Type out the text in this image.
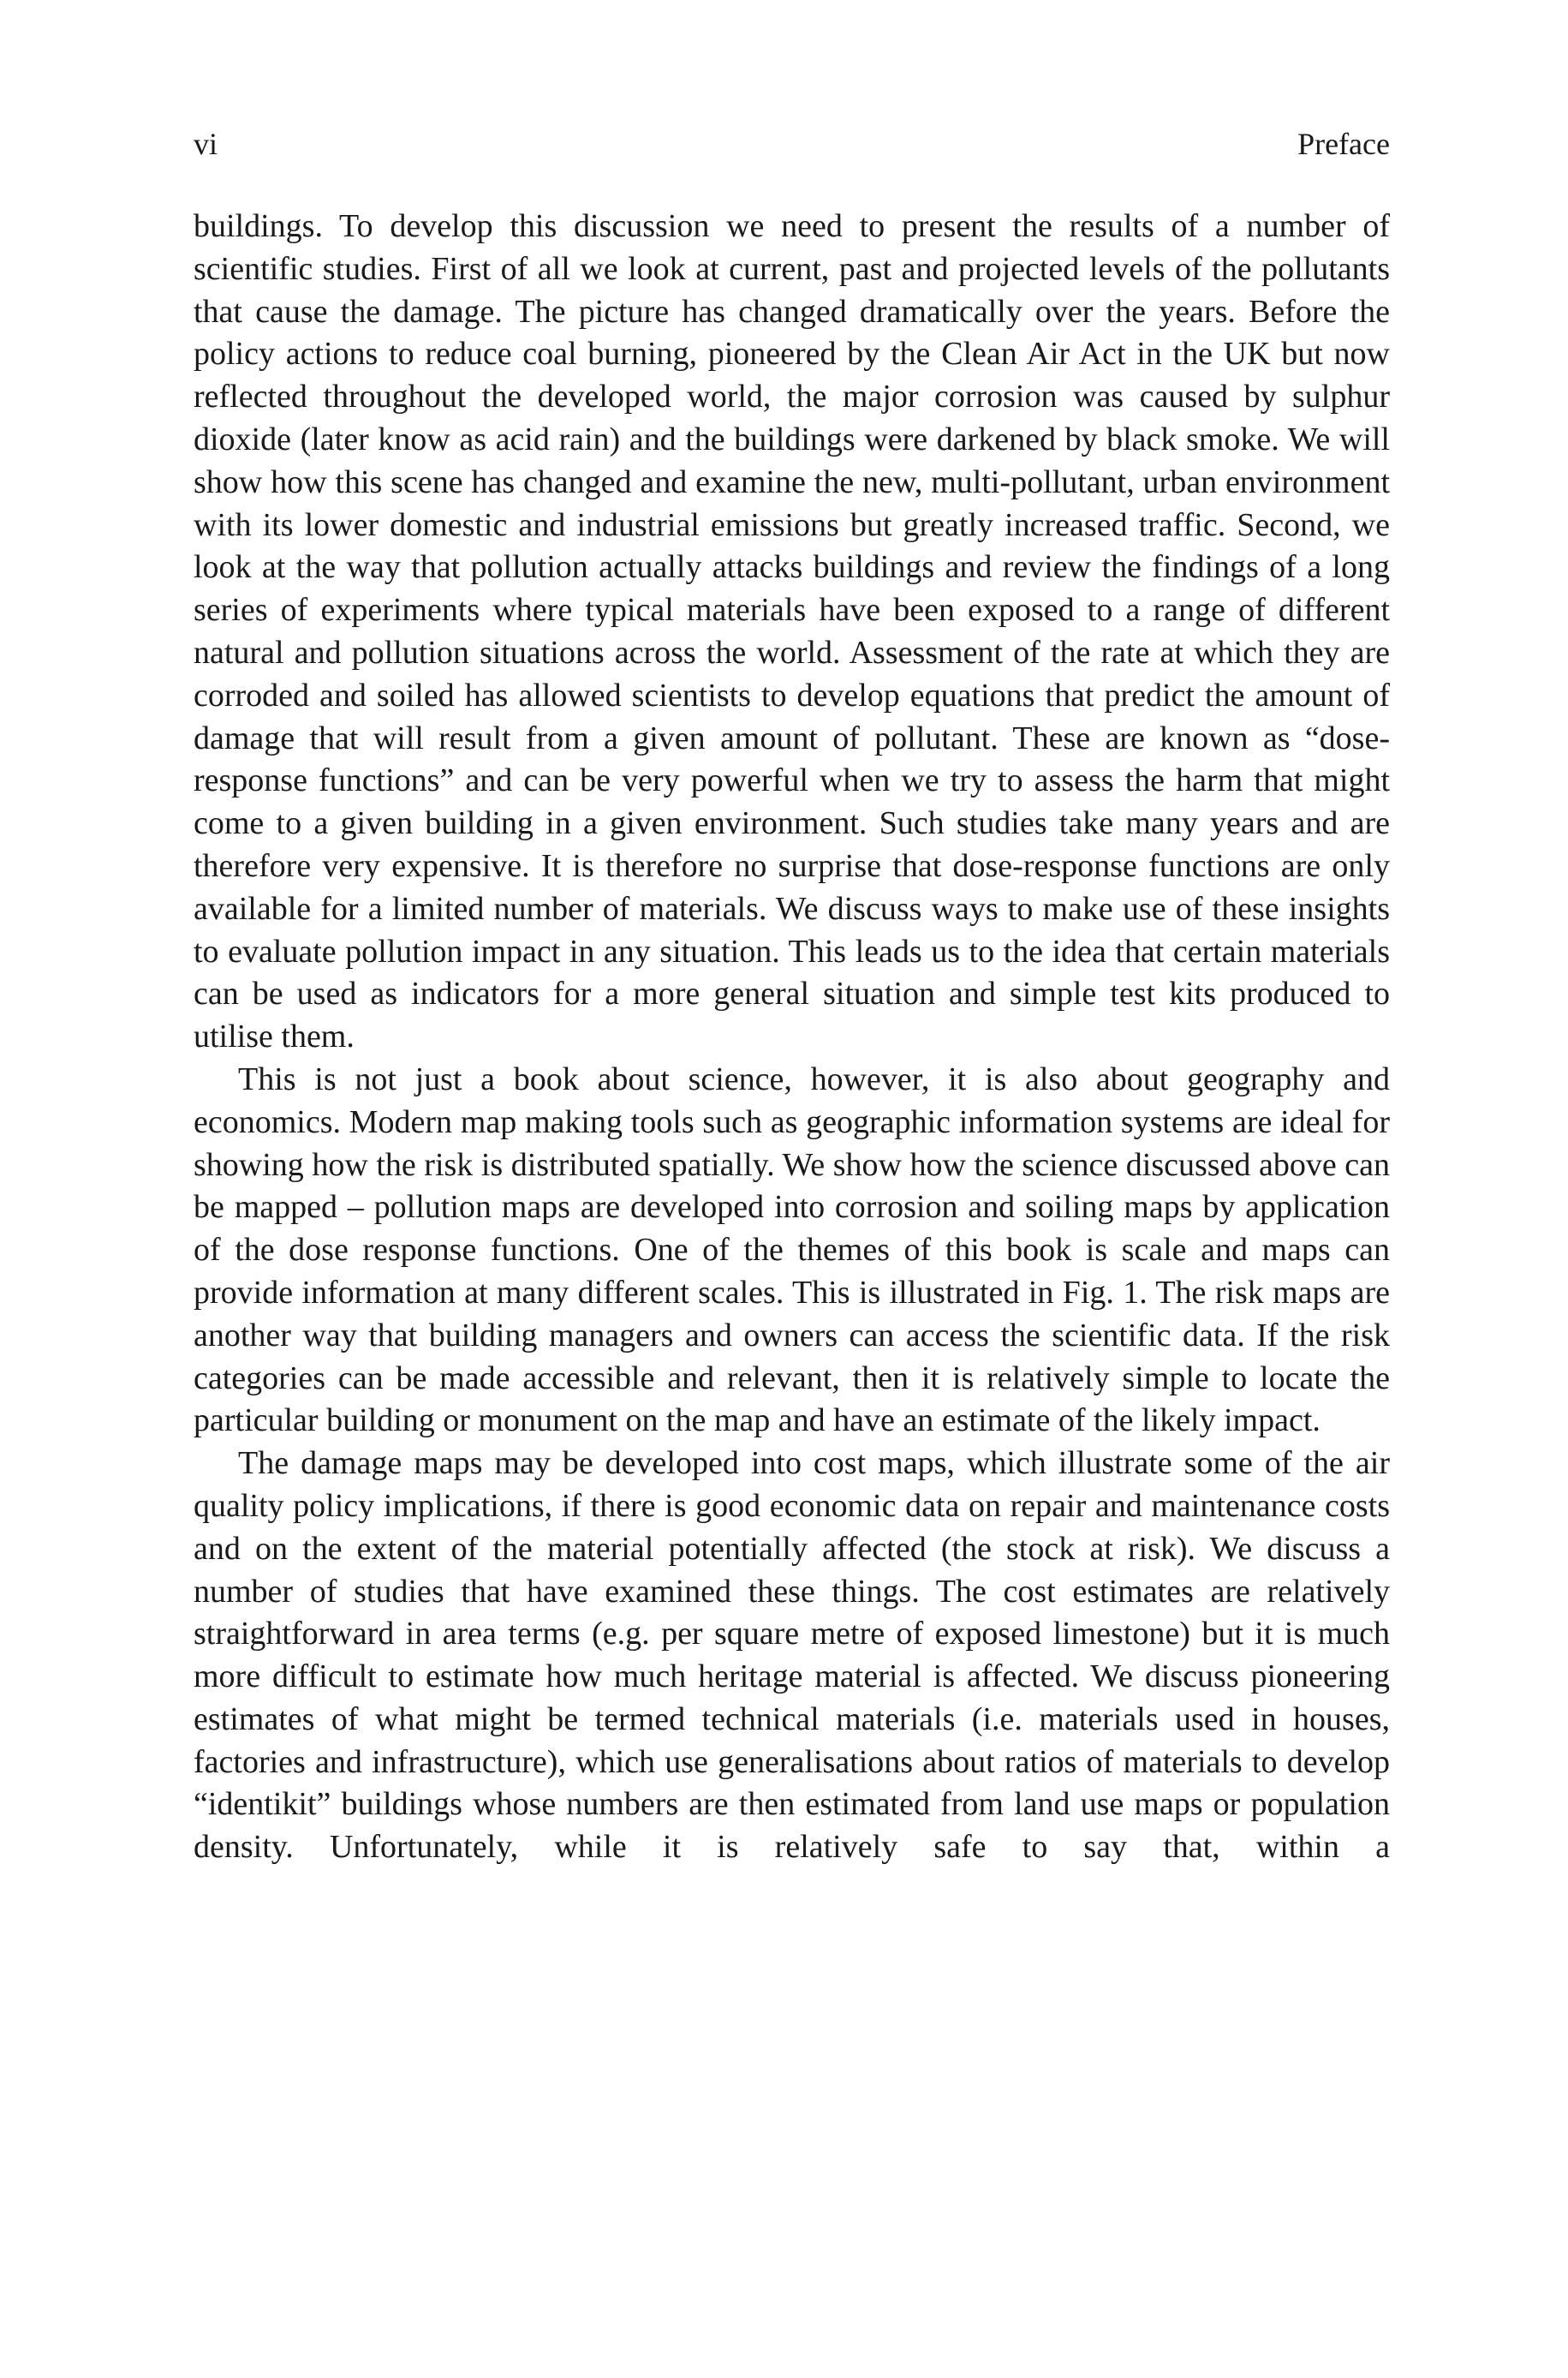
vi	Preface

buildings. To develop this discussion we need to present the results of a number of scientific studies. First of all we look at current, past and projected levels of the pollutants that cause the damage. The picture has changed dramatically over the years. Before the policy actions to reduce coal burning, pioneered by the Clean Air Act in the UK but now reflected throughout the developed world, the major corrosion was caused by sulphur dioxide (later know as acid rain) and the buildings were darkened by black smoke. We will show how this scene has changed and examine the new, multi-pollutant, urban environment with its lower domestic and industrial emissions but greatly increased traffic. Second, we look at the way that pollution actually attacks buildings and review the findings of a long series of experiments where typical materials have been exposed to a range of different natural and pollution situations across the world. Assessment of the rate at which they are corroded and soiled has allowed scientists to develop equations that predict the amount of damage that will result from a given amount of pollutant. These are known as “dose-response functions” and can be very powerful when we try to assess the harm that might come to a given building in a given environment. Such studies take many years and are therefore very expensive. It is therefore no surprise that dose-response functions are only available for a limited number of materials. We discuss ways to make use of these insights to evaluate pollution impact in any situation. This leads us to the idea that certain materials can be used as indicators for a more general situation and simple test kits produced to utilise them.

This is not just a book about science, however, it is also about geography and economics. Modern map making tools such as geographic information systems are ideal for showing how the risk is distributed spatially. We show how the science discussed above can be mapped – pollution maps are developed into corrosion and soiling maps by application of the dose response functions. One of the themes of this book is scale and maps can provide information at many different scales. This is illustrated in Fig. 1. The risk maps are another way that building managers and owners can access the scientific data. If the risk categories can be made accessible and relevant, then it is relatively simple to locate the particular building or monument on the map and have an estimate of the likely impact.

The damage maps may be developed into cost maps, which illustrate some of the air quality policy implications, if there is good economic data on repair and maintenance costs and on the extent of the material potentially affected (the stock at risk). We discuss a number of studies that have examined these things. The cost estimates are relatively straightforward in area terms (e.g. per square metre of exposed limestone) but it is much more difficult to estimate how much heritage material is affected. We discuss pioneering estimates of what might be termed technical materials (i.e. materials used in houses, factories and infrastructure), which use generalisations about ratios of materials to develop “identikit” buildings whose numbers are then estimated from land use maps or population density. Unfortunately, while it is relatively safe to say that, within a
